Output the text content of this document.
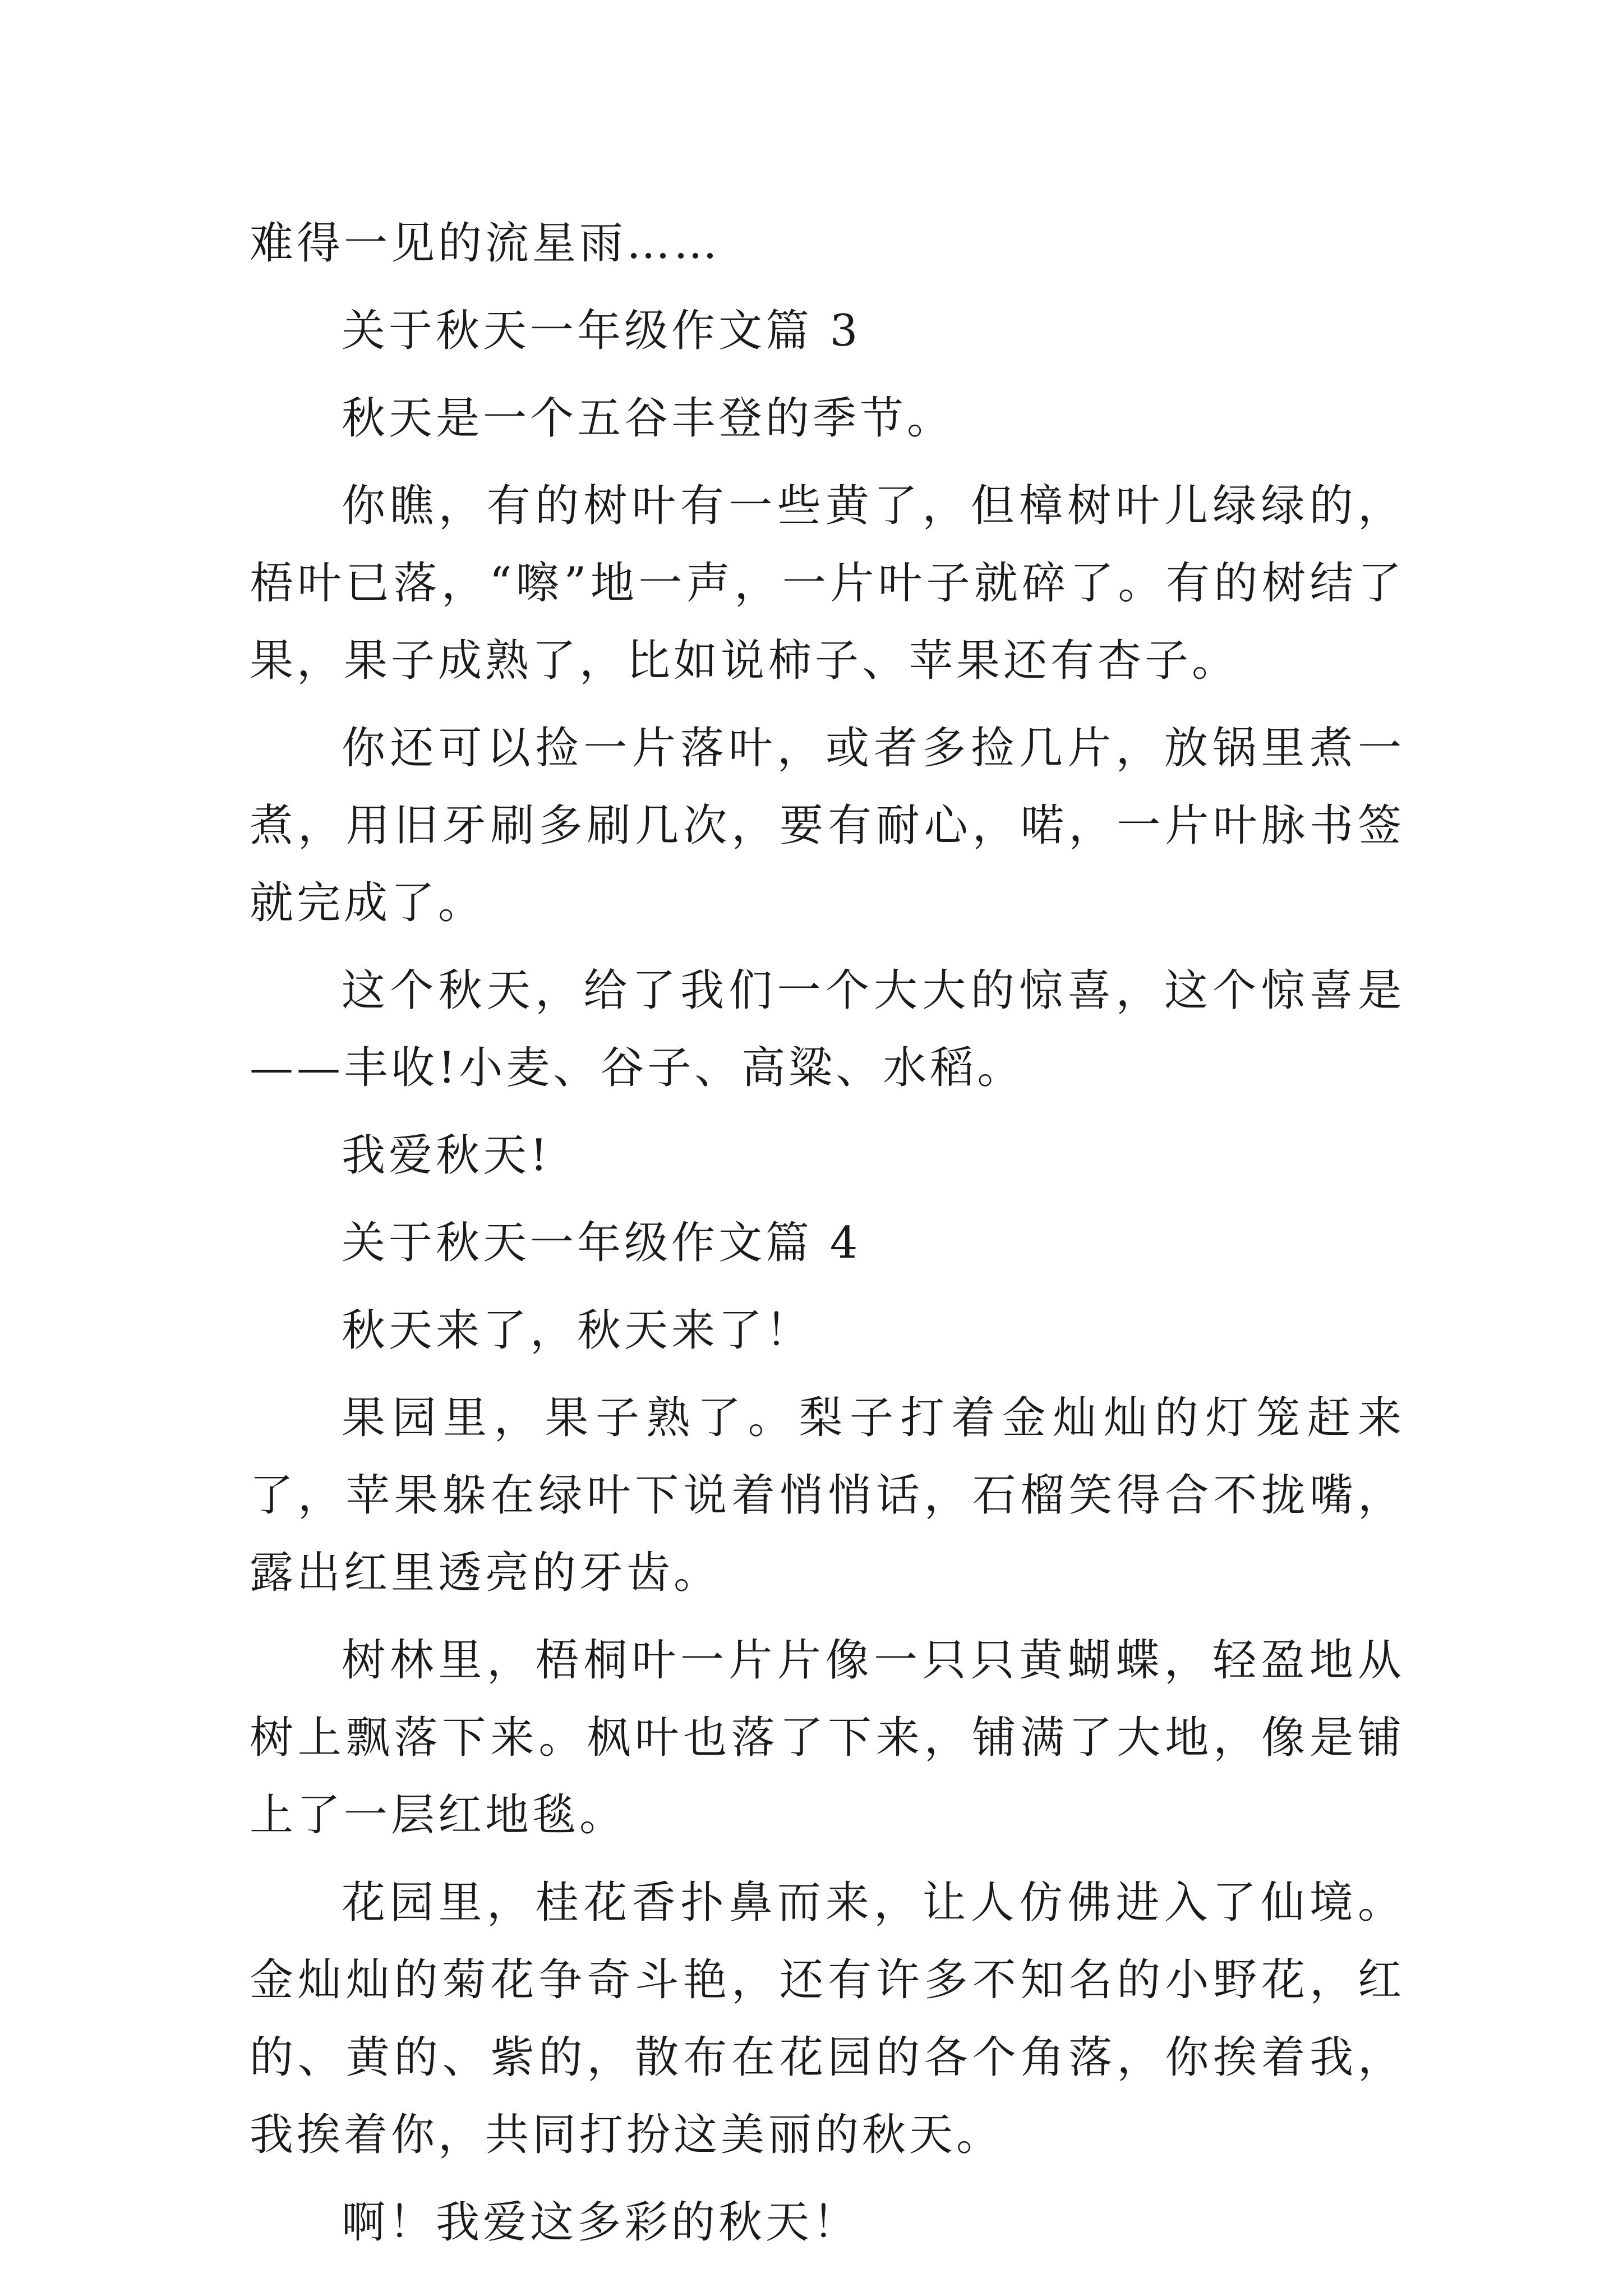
难得一见的流星雨……

关于秋天一年级作文篇 3

秋天是一个五谷丰登的季节。

你瞧，有的树叶有一些黄了，但樟树叶儿绿绿的，梧叶已落，“嚓”地一声，一片叶子就碎了。有的树结了果，果子成熟了，比如说柿子、苹果还有杏子。

你还可以捡一片落叶，或者多捡几片，放锅里煮一煮，用旧牙刷多刷几次，要有耐心，喏，一片叶脉书签就完成了。

这个秋天，给了我们一个大大的惊喜，这个惊喜是——丰收!小麦、谷子、高粱、水稻。

我爱秋天!

关于秋天一年级作文篇 4

秋天来了，秋天来了！

果园里，果子熟了。梨子打着金灿灿的灯笼赶来了，苹果躲在绿叶下说着悄悄话，石榴笑得合不拢嘴，露出红里透亮的牙齿。

树林里，梧桐叶一片片像一只只黄蝴蝶，轻盈地从树上飘落下来。枫叶也落了下来，铺满了大地，像是铺上了一层红地毯。

花园里，桂花香扑鼻而来，让人仿佛进入了仙境。金灿灿的菊花争奇斗艳，还有许多不知名的小野花，红的、黄的、紫的，散布在花园的各个角落，你挨着我，我挨着你，共同打扮这美丽的秋天。

啊！我爱这多彩的秋天！
